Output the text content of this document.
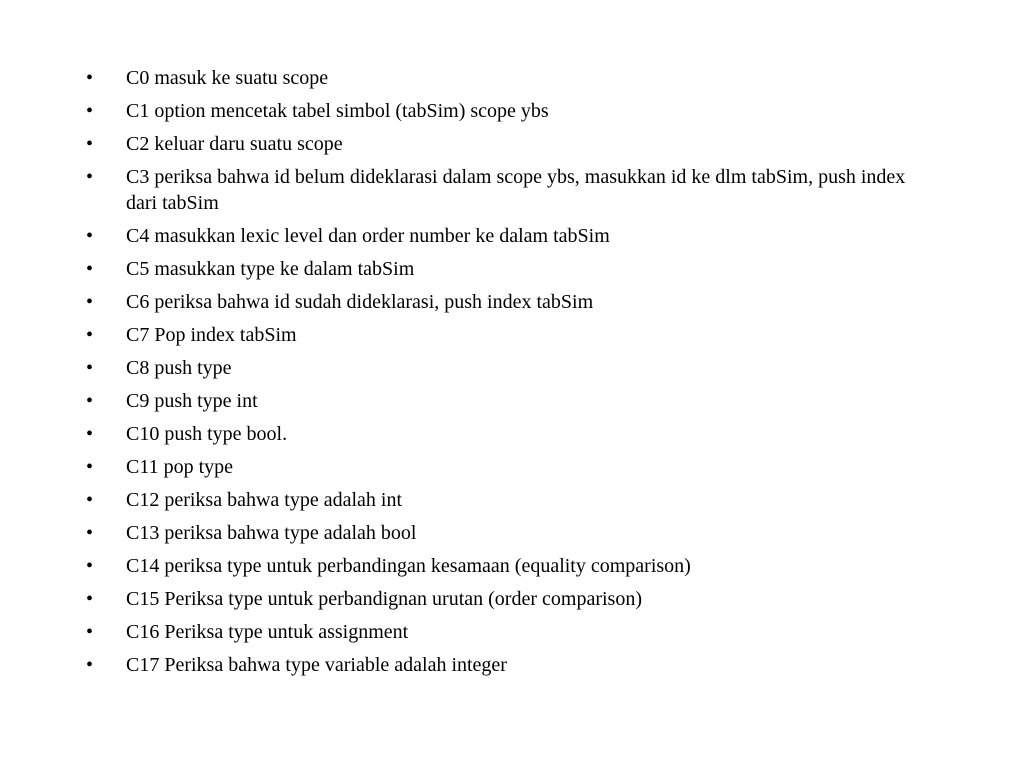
•	C0 masuk ke suatu scope
•	C1 option mencetak tabel simbol (tabSim) scope ybs
•	C2 keluar daru suatu scope
•	C3 periksa bahwa id belum dideklarasi dalam scope ybs, masukkan id ke dlm tabSim, push index dari tabSim
•	C4 masukkan lexic level dan order number ke dalam tabSim
•	C5 masukkan type ke dalam tabSim
•	C6 periksa bahwa id sudah dideklarasi, push index tabSim
•	C7 Pop index tabSim
•	C8 push type
•	C9 push type int
•	C10 push type bool.
•	C11 pop type
•	C12 periksa bahwa type adalah int
•	C13 periksa bahwa type adalah bool
•	C14 periksa type untuk perbandingan kesamaan (equality comparison)
•	C15 Periksa type untuk perbandignan urutan (order comparison)
•	C16 Periksa type untuk assignment
•	C17 Periksa bahwa type variable adalah integer
